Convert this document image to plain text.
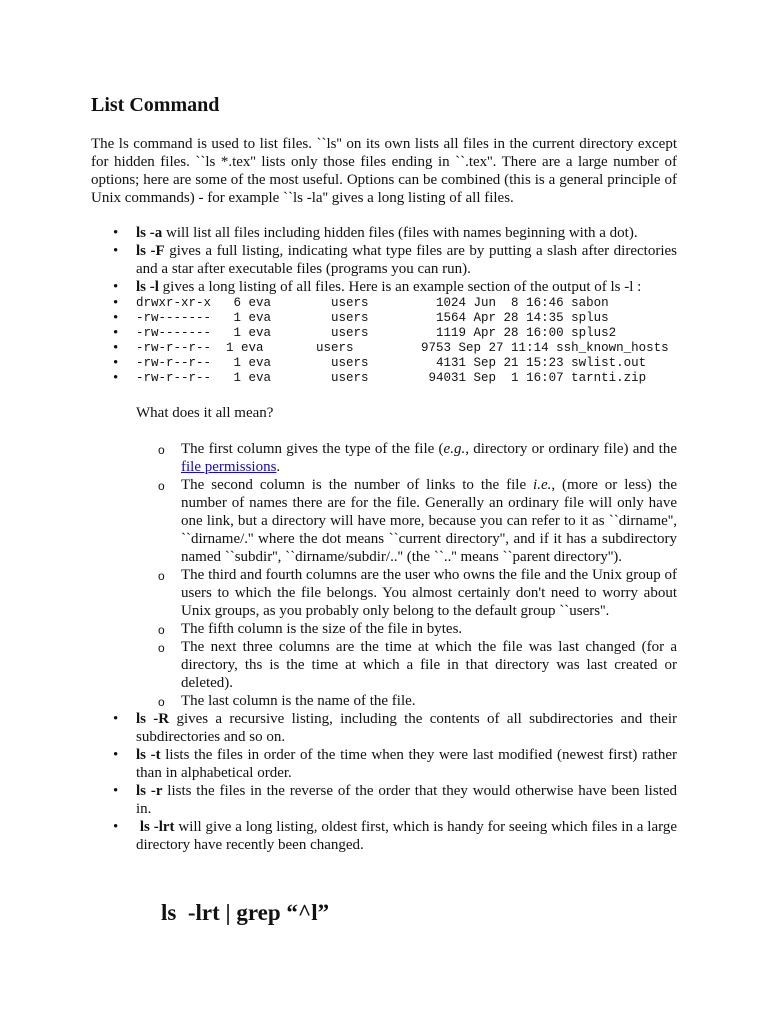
List Command

The ls command is used to list files. ``ls'' on its own lists all files in the current directory except for hidden files. ``ls *.tex'' lists only those files ending in ``.tex''. There are a large number of options; here are some of the most useful. Options can be combined (this is a general principle of Unix commands) - for example ``ls -la'' gives a long listing of all files.

• ls -a will list all files including hidden files (files with names beginning with a dot).
• ls -F gives a full listing, indicating what type files are by putting a slash after directories and a star after executable files (programs you can run).
• ls -l gives a long listing of all files. Here is an example section of the output of ls -l :
• drwxr-xr-x   6 eva        users         1024 Jun  8 16:46 sabon
• -rw-------   1 eva        users         1564 Apr 28 14:35 splus
• -rw-------   1 eva        users         1119 Apr 28 16:00 splus2
• -rw-r--r--  1 eva       users         9753 Sep 27 11:14 ssh_known_hosts
• -rw-r--r--   1 eva        users         4131 Sep 21 15:23 swlist.out
• -rw-r--r--   1 eva        users        94031 Sep  1 16:07 tarnti.zip

What does it all mean?

o The first column gives the type of the file (e.g., directory or ordinary file) and the file permissions.
o The second column is the number of links to the file i.e., (more or less) the number of names there are for the file. Generally an ordinary file will only have one link, but a directory will have more, because you can refer to it as ``dirname'', ``dirname/.'' where the dot means ``current directory'', and if it has a subdirectory named ``subdir'', ``dirname/subdir/..'' (the ``..'' means ``parent directory'').
o The third and fourth columns are the user who owns the file and the Unix group of users to which the file belongs. You almost certainly don't need to worry about Unix groups, as you probably only belong to the default group ``users''.
o The fifth column is the size of the file in bytes.
o The next three columns are the time at which the file was last changed (for a directory, ths is the time at which a file in that directory was last created or deleted).
o The last column is the name of the file.
• ls -R gives a recursive listing, including the contents of all subdirectories and their subdirectories and so on.
• ls -t lists the files in order of the time when they were last modified (newest first) rather than in alphabetical order.
• ls -r lists the files in the reverse of the order that they would otherwise have been listed in.
•  ls -lrt will give a long listing, oldest first, which is handy for seeing which files in a large directory have recently been changed.

ls  -lrt | grep “^l”
